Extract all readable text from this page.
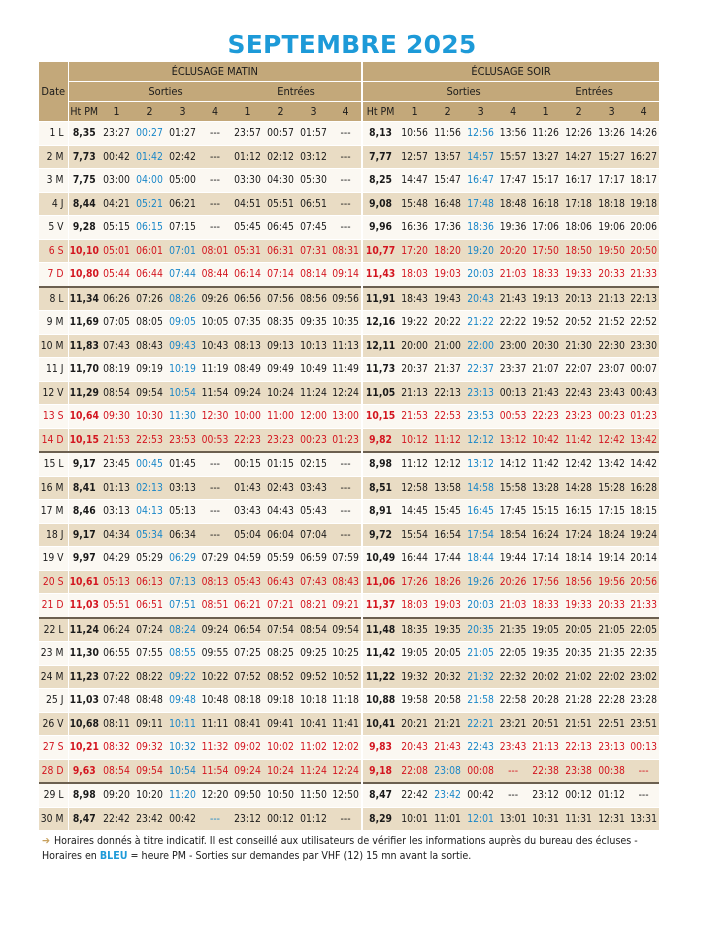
SEPTEMBRE 2025
Date	ÉCLUSAGE MATIN									ÉCLUSAGE SOIR								
		Sorties				Entrées					Sorties				Entrées			
	Ht PM	1	2	3	4	1	2	3	4	Ht PM	1	2	3	4	1	2	3	4
1 L	8,35	23:27	00:27	01:27	---	23:57	00:57	01:57	---	8,13	10:56	11:56	12:56	13:56	11:26	12:26	13:26	14:26
2 M	7,73	00:42	01:42	02:42	---	01:12	02:12	03:12	---	7,77	12:57	13:57	14:57	15:57	13:27	14:27	15:27	16:27
3 M	7,75	03:00	04:00	05:00	---	03:30	04:30	05:30	---	8,25	14:47	15:47	16:47	17:47	15:17	16:17	17:17	18:17
4 J	8,44	04:21	05:21	06:21	---	04:51	05:51	06:51	---	9,08	15:48	16:48	17:48	18:48	16:18	17:18	18:18	19:18
5 V	9,28	05:15	06:15	07:15	---	05:45	06:45	07:45	---	9,96	16:36	17:36	18:36	19:36	17:06	18:06	19:06	20:06
6 S	10,10	05:01	06:01	07:01	08:01	05:31	06:31	07:31	08:31	10,77	17:20	18:20	19:20	20:20	17:50	18:50	19:50	20:50
7 D	10,80	05:44	06:44	07:44	08:44	06:14	07:14	08:14	09:14	11,43	18:03	19:03	20:03	21:03	18:33	19:33	20:33	21:33
8 L	11,34	06:26	07:26	08:26	09:26	06:56	07:56	08:56	09:56	11,91	18:43	19:43	20:43	21:43	19:13	20:13	21:13	22:13
9 M	11,69	07:05	08:05	09:05	10:05	07:35	08:35	09:35	10:35	12,16	19:22	20:22	21:22	22:22	19:52	20:52	21:52	22:52
10 M	11,83	07:43	08:43	09:43	10:43	08:13	09:13	10:13	11:13	12,11	20:00	21:00	22:00	23:00	20:30	21:30	22:30	23:30
11 J	11,70	08:19	09:19	10:19	11:19	08:49	09:49	10:49	11:49	11,73	20:37	21:37	22:37	23:37	21:07	22:07	23:07	00:07
12 V	11,29	08:54	09:54	10:54	11:54	09:24	10:24	11:24	12:24	11,05	21:13	22:13	23:13	00:13	21:43	22:43	23:43	00:43
13 S	10,64	09:30	10:30	11:30	12:30	10:00	11:00	12:00	13:00	10,15	21:53	22:53	23:53	00:53	22:23	23:23	00:23	01:23
14 D	10,15	21:53	22:53	23:53	00:53	22:23	23:23	00:23	01:23	9,82	10:12	11:12	12:12	13:12	10:42	11:42	12:42	13:42
15 L	9,17	23:45	00:45	01:45	---	00:15	01:15	02:15	---	8,98	11:12	12:12	13:12	14:12	11:42	12:42	13:42	14:42
16 M	8,41	01:13	02:13	03:13	---	01:43	02:43	03:43	---	8,51	12:58	13:58	14:58	15:58	13:28	14:28	15:28	16:28
17 M	8,46	03:13	04:13	05:13	---	03:43	04:43	05:43	---	8,91	14:45	15:45	16:45	17:45	15:15	16:15	17:15	18:15
18 J	9,17	04:34	05:34	06:34	---	05:04	06:04	07:04	---	9,72	15:54	16:54	17:54	18:54	16:24	17:24	18:24	19:24
19 V	9,97	04:29	05:29	06:29	07:29	04:59	05:59	06:59	07:59	10,49	16:44	17:44	18:44	19:44	17:14	18:14	19:14	20:14
20 S	10,61	05:13	06:13	07:13	08:13	05:43	06:43	07:43	08:43	11,06	17:26	18:26	19:26	20:26	17:56	18:56	19:56	20:56
21 D	11,03	05:51	06:51	07:51	08:51	06:21	07:21	08:21	09:21	11,37	18:03	19:03	20:03	21:03	18:33	19:33	20:33	21:33
22 L	11,24	06:24	07:24	08:24	09:24	06:54	07:54	08:54	09:54	11,48	18:35	19:35	20:35	21:35	19:05	20:05	21:05	22:05
23 M	11,30	06:55	07:55	08:55	09:55	07:25	08:25	09:25	10:25	11,42	19:05	20:05	21:05	22:05	19:35	20:35	21:35	22:35
24 M	11,23	07:22	08:22	09:22	10:22	07:52	08:52	09:52	10:52	11,22	19:32	20:32	21:32	22:32	20:02	21:02	22:02	23:02
25 J	11,03	07:48	08:48	09:48	10:48	08:18	09:18	10:18	11:18	10,88	19:58	20:58	21:58	22:58	20:28	21:28	22:28	23:28
26 V	10,68	08:11	09:11	10:11	11:11	08:41	09:41	10:41	11:41	10,41	20:21	21:21	22:21	23:21	20:51	21:51	22:51	23:51
27 S	10,21	08:32	09:32	10:32	11:32	09:02	10:02	11:02	12:02	9,83	20:43	21:43	22:43	23:43	21:13	22:13	23:13	00:13
28 D	9,63	08:54	09:54	10:54	11:54	09:24	10:24	11:24	12:24	9,18	22:08	23:08	00:08	---	22:38	23:38	00:38	---
29 L	8,98	09:20	10:20	11:20	12:20	09:50	10:50	11:50	12:50	8,47	22:42	23:42	00:42	---	23:12	00:12	01:12	---
30 M	8,47	22:42	23:42	00:42	---	23:12	00:12	01:12	---	8,29	10:01	11:01	12:01	13:01	10:31	11:31	12:31	13:31
➔ Horaires donnés à titre indicatif. Il est conseillé aux utilisateurs de vérifier les informations auprès du bureau des écluses - Horaires en BLEU = heure PM - Sorties sur demandes par VHF (12) 15 mn avant la sortie.
